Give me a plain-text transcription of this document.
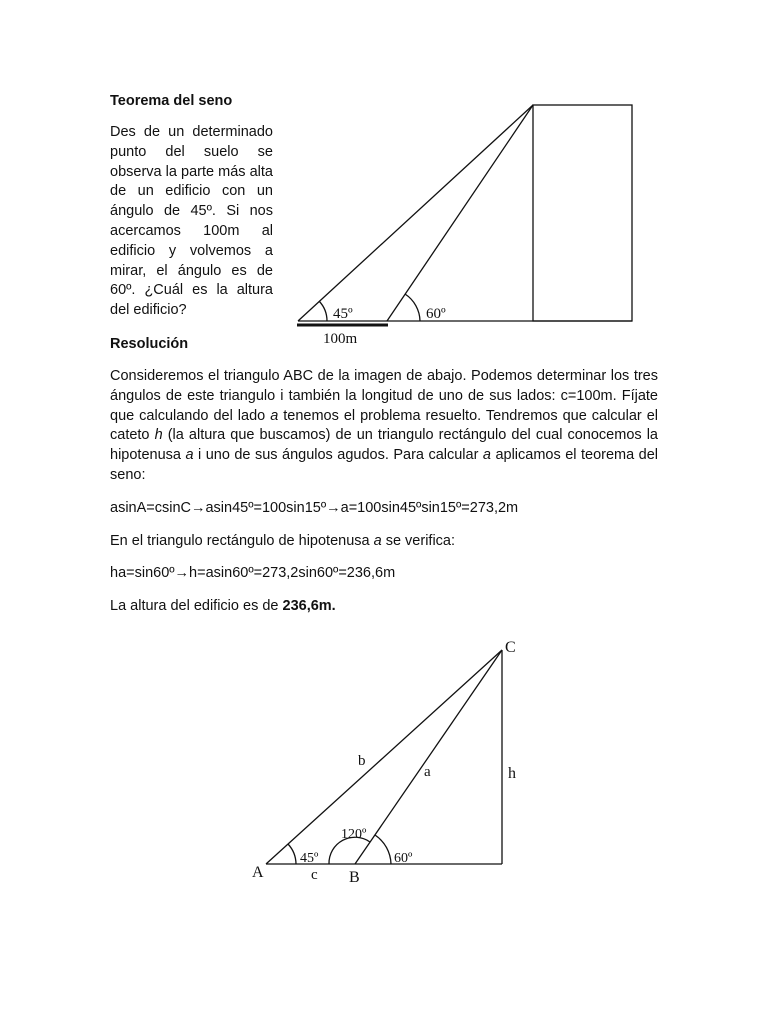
Teorema del seno
Des de un determinado punto del suelo se observa la parte más alta de un edificio con un ángulo de 45º. Si nos acercamos 100m al edificio y volvemos a mirar, el ángulo es de 60º. ¿Cuál es la altura del edificio?
Resolución
Consideremos el triangulo ABC de la imagen de abajo. Podemos determinar los tres ángulos de este triangulo i también la longitud de uno de sus lados: c=100m. Fíjate que calculando del lado a tenemos el problema resuelto. Tendremos que calcular el cateto h (la altura que buscamos) de un triangulo rectángulo del cual conocemos la hipotenusa a i uno de sus ángulos agudos. Para calcular a aplicamos el teorema del seno:
asinA=csinC→asin45º=100sin15º→a=100sin45ºsin15º=273,2m
En el triangulo rectángulo de hipotenusa a se verifica:
ha=sin60º→h=asin60º=273,2sin60º=236,6m
La altura del edificio es de 236,6m.
45º	60º
100m
C
b
a	h
120º
45º	60º
A	c B
